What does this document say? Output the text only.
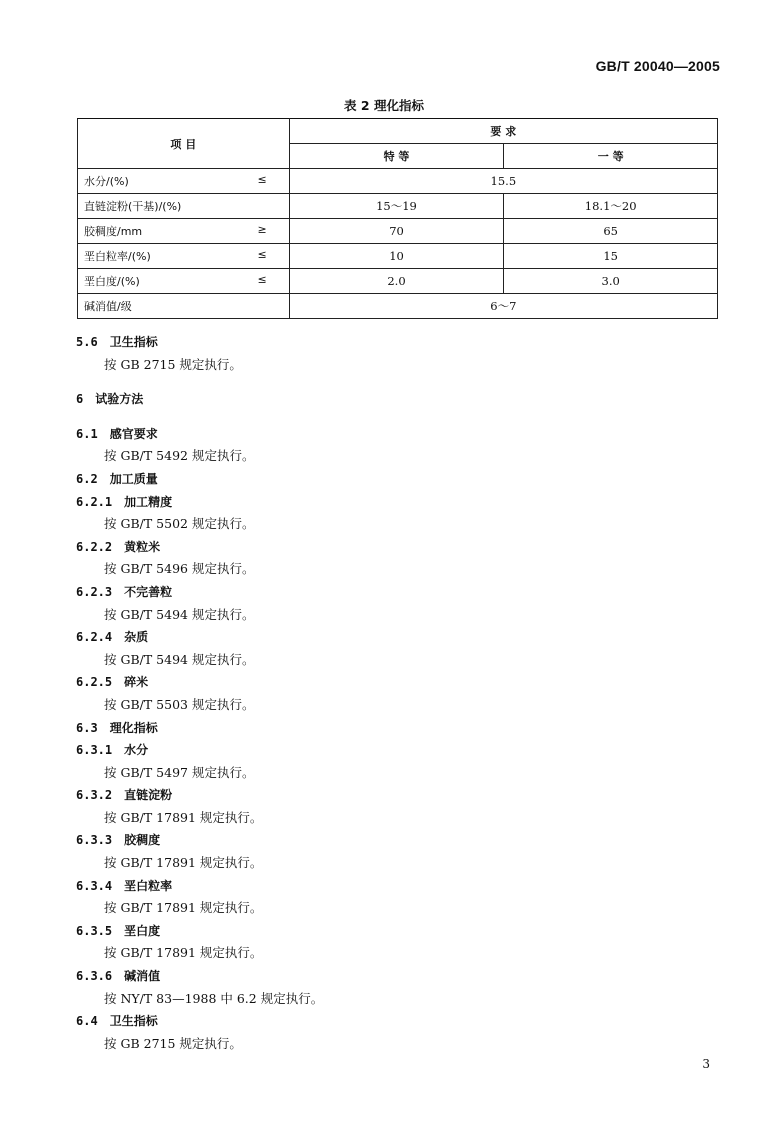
GB/T 20040—2005
表 2 理化指标
项 目	要 求	
	特 等	一 等

水分/(%) ≤	15.5	

直链淀粉(干基)/(%)	15～19	18.1～20

胶稠度/mm ≥	70	65

垩白粒率/(%) ≤	10	15

垩白度/(%) ≤	2.0	3.0

碱消值/级	6～7	
5.6 卫生指标
按 GB 2715 规定执行。
6 试验方法
6.1 感官要求
按 GB/T 5492 规定执行。
6.2 加工质量
6.2.1 加工精度
按 GB/T 5502 规定执行。
6.2.2 黄粒米
按 GB/T 5496 规定执行。
6.2.3 不完善粒
按 GB/T 5494 规定执行。
6.2.4 杂质
按 GB/T 5494 规定执行。
6.2.5 碎米
按 GB/T 5503 规定执行。
6.3 理化指标
6.3.1 水分
按 GB/T 5497 规定执行。
6.3.2 直链淀粉
按 GB/T 17891 规定执行。
6.3.3 胶稠度
按 GB/T 17891 规定执行。
6.3.4 垩白粒率
按 GB/T 17891 规定执行。
6.3.5 垩白度
按 GB/T 17891 规定执行。
6.3.6 碱消值
按 NY/T 83—1988 中 6.2 规定执行。
6.4 卫生指标
按 GB 2715 规定执行。
3
